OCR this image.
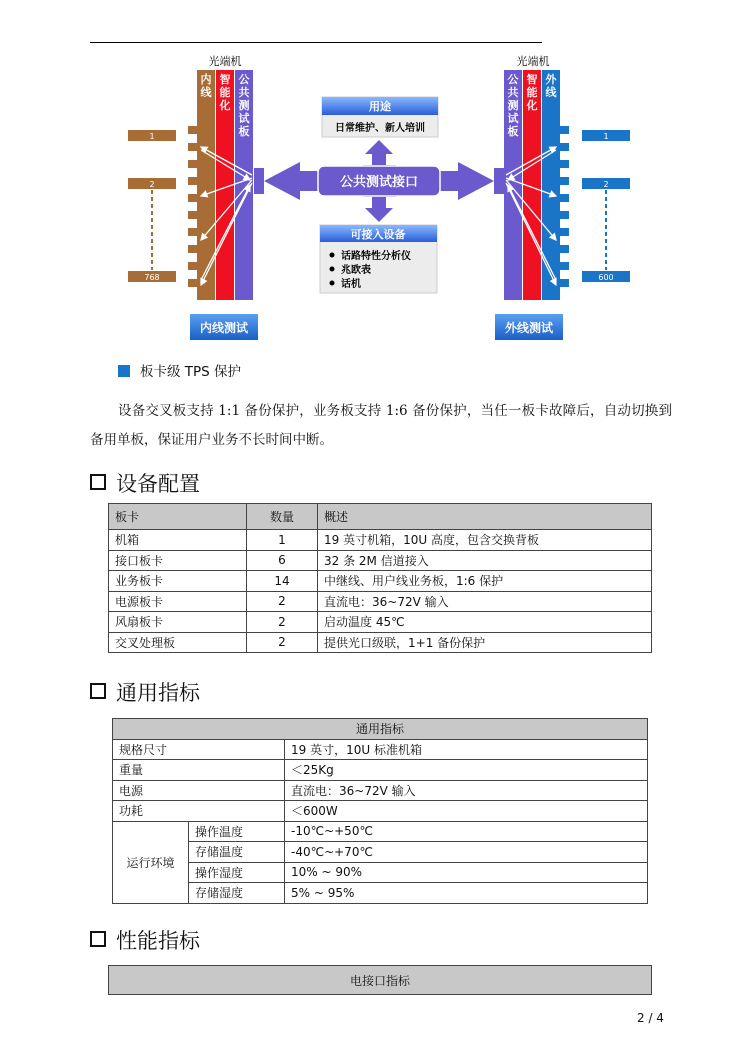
光端机	光端机
内
线
智
能
化
公
共
测
试
板
1
2
768
公
共
测
试
板
智
能
化
外
线
1
2
600
公共测试接口
用途
日常维护、新人培训
可接入设备
话路特性分析仪
兆欧表
话机
内线测试	外线测试
板卡级 TPS 保护
设备交叉板支持 1:1 备份保护，业务板支持 1:6 备份保护，当任一板卡故障后，自动切换到备用单板，保证用户业务不长时间中断。
设备配置
板卡	数量	概述
机箱	1	19 英寸机箱，10U 高度，包含交换背板
接口板卡	6	32 条 2M 信道接入
业务板卡	14	中继线、用户线业务板，1:6 保护
电源板卡	2	直流电：36~72V 输入
风扇板卡	2	启动温度 45℃
交叉处理板	2	提供光口级联，1+1 备份保护
通用指标
通用指标		
规格尺寸		19 英寸，10U 标准机箱
重量		＜25Kg
电源		直流电：36~72V 输入
功耗		＜600W
运行环境	操作温度	-10℃~+50℃
	存储温度	-40℃~+70℃
	操作湿度	10% ~ 90%
	存储湿度	5% ~ 95%
性能指标
电接口指标
2 / 4
